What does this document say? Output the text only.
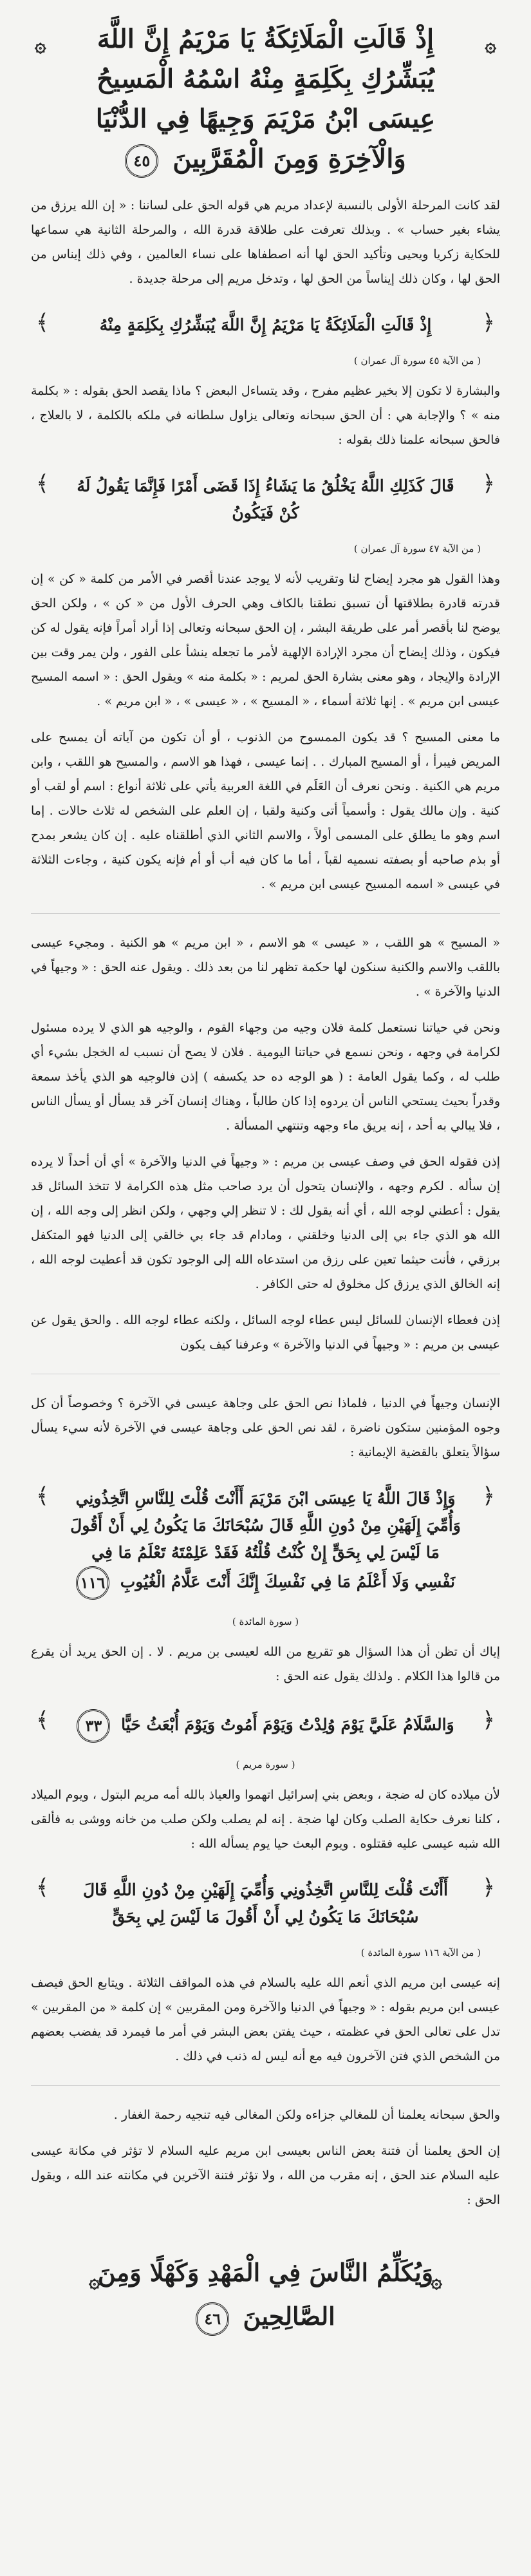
۞
إِذْ قَالَتِ الْمَلَائِكَةُ يَا مَرْيَمُ إِنَّ اللَّهَ يُبَشِّرُكِ بِكَلِمَةٍ مِنْهُ اسْمُهُ الْمَسِيحُ عِيسَى ابْنُ مَرْيَمَ وَجِيهًا فِي الدُّنْيَا وَالْآخِرَةِ وَمِنَ الْمُقَرَّبِينَ ٤٥
۞

لقد كانت المرحلة الأولى بالنسبة لإعداد مريم هي قوله الحق على لساننا : « إن الله يرزق من يشاء بغير حساب » . وبذلك تعرفت على طلاقة قدرة الله ، والمرحلة الثانية هي سماعها للحكاية زكريا ويحيى وتأكيد الحق لها أنه اصطفاها على نساء العالمين ، وفي ذلك إيناس من الحق لها ، وكان ذلك إيناساً من الحق لها ، وتدخل مريم إلى مرحلة جديدة .

﴿
إِذْ قَالَتِ الْمَلَائِكَةُ يَا مَرْيَمُ إِنَّ اللَّهَ يُبَشِّرُكِ بِكَلِمَةٍ مِنْهُ
﴾
( من الآية ٤٥ سورة آل عمران )

والبشارة لا تكون إلا بخير عظيم مفرح ، وقد يتساءل البعض ؟ ماذا يقصد الحق بقوله : « بكلمة منه » ؟ والإجابة هي : أن الحق سبحانه وتعالى يزاول سلطانه في ملكه بالكلمة ، لا بالعلاج ، فالحق سبحانه علمنا ذلك بقوله :

﴿
قَالَ كَذَلِكِ اللَّهُ يَخْلُقُ مَا يَشَاءُ إِذَا قَضَى أَمْرًا فَإِنَّمَا يَقُولُ لَهُ كُنْ فَيَكُونُ
﴾
( من الآية ٤٧ سورة آل عمران )

وهذا القول هو مجرد إيضاح لنا وتقريب لأنه لا يوجد عندنا أقصر في الأمر من كلمة « كن » إن قدرته قادرة بطلاقتها أن تسبق نطقنا بالكاف وهي الحرف الأول من « كن » ، ولكن الحق يوضح لنا بأقصر أمر على طريقة البشر ، إن الحق سبحانه وتعالى إذا أراد أمراً فإنه يقول له كن فيكون ، وذلك إيضاح أن مجرد الإرادة الإلهية لأمر ما تجعله ينشأ على الفور ، ولن يمر وقت بين الإرادة والإيجاد ، وهو معنى بشارة الحق لمريم : « بكلمة منه » ويقول الحق : « اسمه المسيح عيسى ابن مريم » . إنها ثلاثة أسماء ، « المسيح » ، « عيسى » ، « ابن مريم » .

ما معنى المسيح ؟ قد يكون الممسوح من الذنوب ، أو أن تكون من آياته أن يمسح على المريض فيبرأ ، أو المسيح المبارك . . إنما عيسى ، فهذا هو الاسم ، والمسيح هو اللقب ، وابن مريم هي الكنية . ونحن نعرف أن العَلَم في اللغة العربية يأتي على ثلاثة أنواع : اسم أو لقب أو كنية . وإن مالك يقول : وأسمياً أتى وكنية ولقبا ، إن العلم على الشخص له ثلاث حالات . إما اسم وهو ما يطلق على المسمى أولاً ، والاسم الثاني الذي أطلقناه عليه . إن كان يشعر بمدح أو بذم صاحبه أو بصفته نسميه لقباً ، أما ما كان فيه أب أو أم فإنه يكون كنية ، وجاءت الثلاثة في عيسى « اسمه المسيح عيسى ابن مريم » .

« المسيح » هو اللقب ، « عيسى » هو الاسم ، « ابن مريم » هو الكنية . ومجيء عيسى باللقب والاسم والكنية سنكون لها حكمة تظهر لنا من بعد ذلك . ويقول عنه الحق : « وجيهاً في الدنيا والآخرة » .

ونحن في حياتنا نستعمل كلمة فلان وجيه من وجهاء القوم ، والوجيه هو الذي لا يرده مسئول لكرامة في وجهه ، ونحن نسمع في حياتنا اليومية . فلان لا يصح أن نسبب له الخجل بشيء أي طلب له ، وكما يقول العامة : ( هو الوجه ده حد يكسفه ) إذن فالوجيه هو الذي يأخذ سمعة وقدراً بحيث يستحي الناس أن يردوه إذا كان طالباً ، وهناك إنسان آخر قد يسأل أو يسأل الناس ، فلا يبالي به أحد ، إنه يريق ماء وجهه وتنتهي المسألة .

إذن فقوله الحق في وصف عيسى بن مريم : « وجيهاً في الدنيا والآخرة » أي أن أحداً لا يرده إن سأله . لكرم وجهه ، والإنسان يتحول أن يرد صاحب مثل هذه الكرامة لا تتخذ السائل قد يقول : أعطني لوجه الله ، أي أنه يقول لك : لا تنظر إلي وجهي ، ولكن انظر إلى وجه الله ، إن الله هو الذي جاء بي إلى الدنيا وخلقني ، ومادام قد جاء بي خالقي إلى الدنيا فهو المتكفل برزقي ، فأنت حيثما تعين على رزق من استدعاه الله إلى الوجود تكون قد أعطيت لوجه الله ، إنه الخالق الذي يرزق كل مخلوق له حتى الكافر .

إذن فعطاء الإنسان للسائل ليس عطاء لوجه السائل ، ولكنه عطاء لوجه الله . والحق يقول عن عيسى بن مريم : « وجيهاً في الدنيا والآخرة » وعرفنا كيف يكون

الإنسان وجيهاً في الدنيا ، فلماذا نص الحق على وجاهة عيسى في الآخرة ؟ وخصوصاً أن كل وجوه المؤمنين ستكون ناضرة ، لقد نص الحق على وجاهة عيسى في الآخرة لأنه سيء يسأل سؤالاً يتعلق بالقضية الإيمانية :

﴿
وَإِذْ قَالَ اللَّهُ يَا عِيسَى ابْنَ مَرْيَمَ أَأَنْتَ قُلْتَ لِلنَّاسِ اتَّخِذُونِي وَأُمِّيَ إِلَهَيْنِ مِنْ دُونِ اللَّهِ قَالَ سُبْحَانَكَ مَا يَكُونُ لِي أَنْ أَقُولَ مَا لَيْسَ لِي بِحَقٍّ إِنْ كُنْتُ قُلْتُهُ فَقَدْ عَلِمْتَهُ تَعْلَمُ مَا فِي نَفْسِي وَلَا أَعْلَمُ مَا فِي نَفْسِكَ إِنَّكَ أَنْتَ عَلَّامُ الْغُيُوبِ ١١٦
﴾
( سورة المائدة )

إياك أن تظن أن هذا السؤال هو تقريع من الله لعيسى بن مريم . لا . إن الحق يريد أن يقرع من قالوا هذا الكلام . ولذلك يقول عنه الحق :

﴿
وَالسَّلَامُ عَلَيَّ يَوْمَ وُلِدْتُ وَيَوْمَ أَمُوتُ وَيَوْمَ أُبْعَثُ حَيًّا ٣٣
﴾
( سورة مريم )

لأن ميلاده كان له ضجة ، وبعض بني إسرائيل اتهموا والعياذ بالله أمه مريم البتول ، ويوم الميلاد ، كلنا نعرف حكاية الصلب وكان لها ضجة . إنه لم يصلب ولكن صلب من خانه ووشى به فألقى الله شبه عيسى عليه فقتلوه . ويوم البعث حيا يوم يسأله الله :

﴿
أَأَنْتَ قُلْتَ لِلنَّاسِ اتَّخِذُونِي وَأُمِّيَ إِلَهَيْنِ مِنْ دُونِ اللَّهِ قَالَ سُبْحَانَكَ مَا يَكُونُ لِي أَنْ أَقُولَ مَا لَيْسَ لِي بِحَقٍّ
﴾
( من الآية ١١٦ سورة المائدة )

إنه عيسى ابن مريم الذي أنعم الله عليه بالسلام في هذه المواقف الثلاثة . ويتابع الحق فيصف عيسى ابن مريم بقوله : « وجيهاً في الدنيا والآخرة ومن المقربين » إن كلمة « من المقربين » تدل على تعالى الحق في عظمته ، حيث يفتن بعض البشر في أمر ما فيمرد قد يفضب بعضهم من الشخص الذي فتن الآخرون فيه مع أنه ليس له ذنب في ذلك .

والحق سبحانه يعلمنا أن للمغالي جزاءه ولكن المغالى فيه تنجيه رحمة الغفار .

إن الحق يعلمنا أن فتنة بعض الناس بعيسى ابن مريم عليه السلام لا تؤثر في مكانة عيسى عليه السلام عند الحق ، إنه مقرب من الله ، ولا تؤثر فتنة الآخرين في مكانته عند الله ، ويقول الحق :

۞
وَيُكَلِّمُ النَّاسَ فِي الْمَهْدِ وَكَهْلًا وَمِنَ الصَّالِحِينَ ٤٦
۞
